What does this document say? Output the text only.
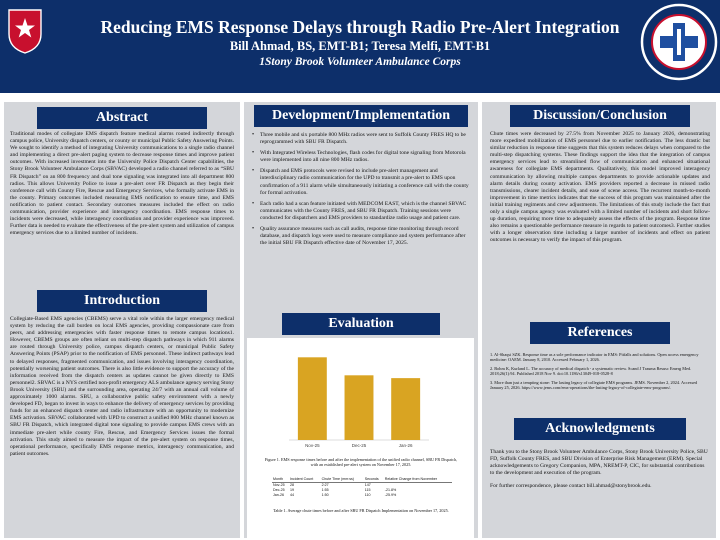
Reducing EMS Response Delays through Radio Pre-Alert Integration
Bill Ahmad, BS, EMT-B1; Teresa Melfi, EMT-B1
1Stony Brook Volunteer Ambulance Corps
Abstract
Traditional modes of collegiate EMS dispatch feature medical alarms routed indirectly through campus police, University dispatch centers, or county or municipal Public Safety Answering Points. We sought to identify a method of integrating University communications to a single radio channel and implementing a direct pre-alert paging system to decrease response times and improve patient outcomes. With increased investment into the University Police Dispatch Center capabilities, the Stony Brook Volunteer Ambulance Corps (SBVAC) developed a radio channel referred to as “SBU FR Dispatch” on an 800 frequency and dual tone signaling was integrated into all department 800 radios. This allows University Police to issue a pre-alert over FR Dispatch as they begin their conference call with County Fire, Rescue and Emergency Services, who formally activate EMS in the county. Primary outcomes included measuring EMS notification to ensure time, and EMS notification to patient contact. Secondary outcomes measures included the effect on radio communication, provider experience and interagency coordination. EMS response times to incidents were decreased, while interagency coordination and provider experience was improved. Further data is needed to evaluate the effectiveness of the pre-alert system and utilization of campus emergency services due to a limited number of incidents.
Introduction
Collegiate-Based EMS agencies (CBEMS) serve a vital role within the larger emergency medical system by reducing the call burden on local EMS agencies, providing compassionate care from peers, and addressing emergencies with faster response times to remote campus locations1. However, CBEMS groups are often reliant on multi-step dispatch pathways in which 911 alarms are routed through University police, campus dispatch centers, or municipal Public Safety Answering Points (PSAP) prior to the notification of EMS personnel. These indirect pathways lead to delayed responses, fragmented communication, and issues involving interagency coordination, potentially worsening patient outcomes. There is also little evidence to support the accuracy of the information received from the dispatch centers as updates cannot be given directly to EMS personnel2. SBVAC is a NYS certified non-profit emergency ALS ambulance agency serving Stony Brook University (SBU) and the surrounding area, operating 24/7 with an annual call volume of approximately 1000 alarms. SBU, a collaborative public safety environment with a newly developed FD, began to invest in ways to enhance the delivery of emergency services by providing funds for an enhanced dispatch center and radio infrastructure with an opportunity to modernize EMS activation. SBVAC collaborated with UPD to construct a unified 800 MHz channel known as SBU FR Dispatch, which integrated digital tone signaling to provide campus EMS crews with an immediate pre-alert while county Fire, Rescue, and Emergency Services issues the formal activation. This study aimed to measure the impact of the pre-alert system on response times, operational performance, specifically EMS response metrics, interagency communication, and patient outcomes.
Development/Implementation
• Three mobile and six portable 800 MHz radios were sent to Suffolk County FRES HQ to be reprogrammed with SBU FR Dispatch.
• With Integrated Wireless Technologies, flash codes for digital tone signaling from Motorola were implemented into all nine 800 MHz radios.
• Dispatch and EMS protocols were revised to include pre-alert management and interdisciplinary radio communication for the UPD to transmit a pre-alert to EMS upon confirmation of a 911 alarm while simultaneously initiating a conference call with the county for formal activation.
• Each radio had a scan feature initiated with MEDCOM EAST, which is the channel SBVAC communicates with the County FRES, and SBU FR Dispatch. Training sessions were conducted for dispatchers and EMS providers to standardize radio usage and patient care.
• Quality assurance measures such as call audits, response time monitoring through record database, and dispatch logs were used to measure compliance and system performance after the initial SBU FR Dispatch effective date of November 17, 2025.
Evaluation
Nov-25	Dec-25	Jan-26
Figure 1. EMS response times before and after the implementation of the unified radio channel, SBU FR Dispatch, with an established pre-alert system on November 17, 2025.
Month	Incident Count	Chute Time (mm:ss)	Seconds	Relative Change from November
Nov-25	28	2:27	147	
Dec-25	19	1:55	115	-21.8%
Jan-26	44	1:50	110	-25.9%
Table 1. Average chute times before and after SBU FR Dispatch Implementation on November 17, 2025.
Discussion/Conclusion
Chute times were decreased by 27.5% from November 2025 to January 2026, demonstrating more expedited mobilization of EMS personnel due to earlier notification. The less drastic but similar reduction in response time suggests that this system reduces delays when compared to the multi-step dispatching systems. These findings support the idea that the integration of campus emergency services lead to streamlined flow of communication and enhanced situational awareness for collegiate EMS departments. Qualitatively, this model improved interagency communication by allowing multiple campus departments to provide actionable updates and alarm details during county activation. EMS providers reported a decrease in missed radio transmissions, clearer incident details, and ease of scene access. The recurrent month-to-month improvement in time metrics indicates that the success of this program was maintained after the initial training regiments and crew adjustments. The limitations of this study include the fact that only a single campus agency was evaluated with a limited number of incidents and short follow-up duration, requiring more time to adequately assess the effects of the program. Response time also remains a questionable performance measure in regards to patient outcomes3. Further studies with a longer observation time including a larger number of incidents and effect on patient outcomes is necessary to verify the impact of this program.
References

1. Al-Shaqsi SZK. Response time as a sole performance indicator in EMS: Pitfalls and solutions. Open access emergency medicine: OAEM. January 8, 2010. Accessed February 1, 2026.

2. Bohm K, Kurland L. The accuracy of medical dispatch - a systematic review. Scand J Trauma Resusc Emerg Med. 2018;26(1):94. Published 2018 Nov 9. doi:10.1186/s13049-018-0528-8

3. More than just a tempting stone: The lasting legacy of collegiate EMS programs. JEMS. November 2, 2024. Accessed January 25, 2026. https://www.jems.com/ems-operations/the-lasting-legacy-of-collegiate-ems-programs/.

Acknowledgments

Thank you to the Stony Brook Volunteer Ambulance Corps, Stony Brook University Police, SBU FD, Suffolk County FRES, and SBU Division of Enterprise Risk Management (ERM). Special acknowledgements to Gregory Companion, MPA, NREMT-P, CIC, for substantial contributions to the development and execution of the program.

For further correspondence, please contact bill.ahmad@stonybrook.edu.
